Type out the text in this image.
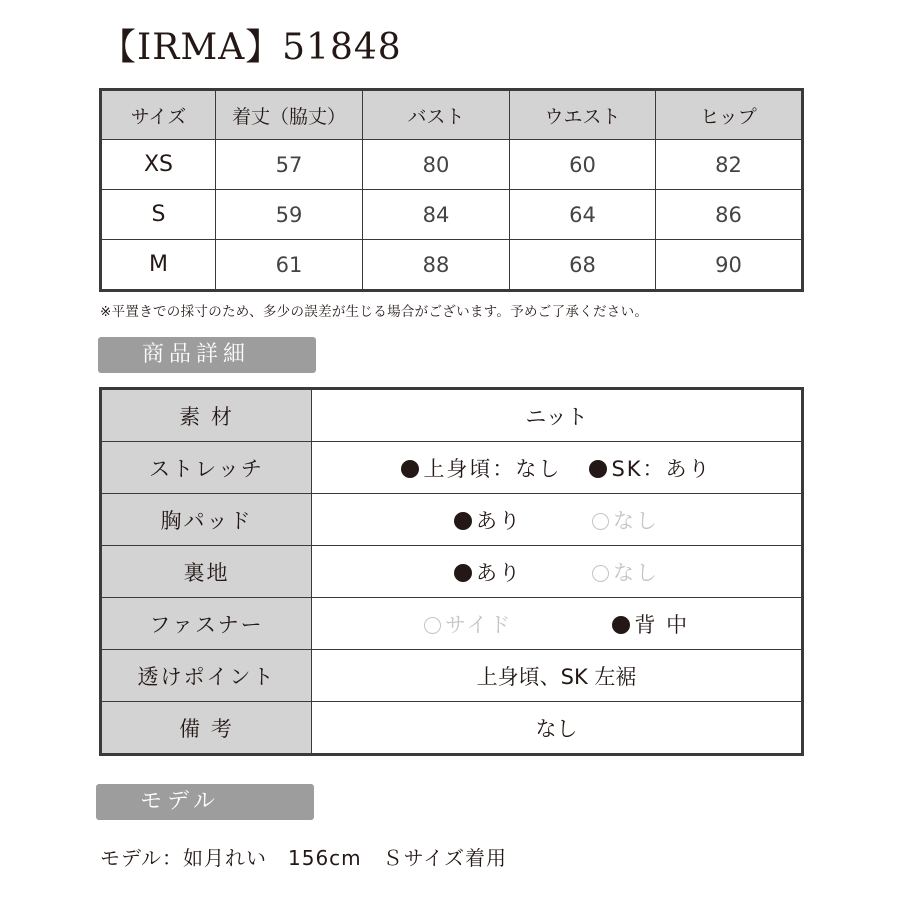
【IRMA】51848
サイズ	着丈（脇丈）	バスト	ウエスト	ヒップ
XS	57	80	60	82
S	59	84	64	86
M	61	88	68	90
※平置きでの採寸のため、多少の誤差が生じる場合がございます。予めご了承ください。
商品詳細
素 材	ニット
ストレッチ	上身頃：なし SK：あり
胸パッド	あり なし
裏地	あり なし
ファスナー	サイド 背 中
透けポイント	上身頃、SK 左裾
備 考	なし
モデル
モデル：如月れい　156cm　Ｓサイズ着用
